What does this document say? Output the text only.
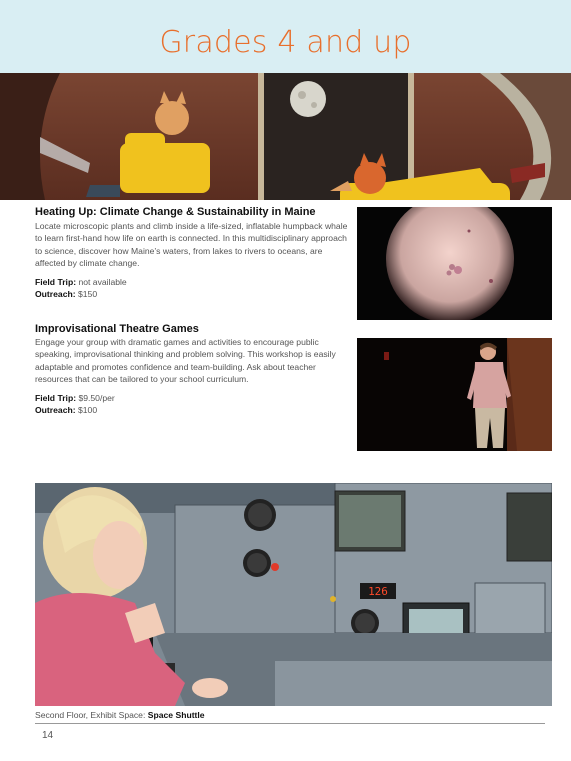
Grades 4 and up
Heating Up: Climate Change & Sustainability in Maine
Locate microscopic plants and climb inside a life-sized, inflatable humpback whale to learn first-hand how life on earth is connected. In this multidisciplinary approach to science, discover how Maine’s waters, from lakes to rivers to oceans, are affected by climate change.
Field Trip: not available
Outreach: $150
Improvisational Theatre Games
Engage your group with dramatic games and activities to encourage public speaking, improvisational thinking and problem solving. This workshop is easily adaptable and promotes confidence and team-building. Ask about teacher resources that can be tailored to your school curriculum.
Field Trip: $9.50/per
Outreach: $100
126
Second Floor, Exhibit Space: Space Shuttle
14
